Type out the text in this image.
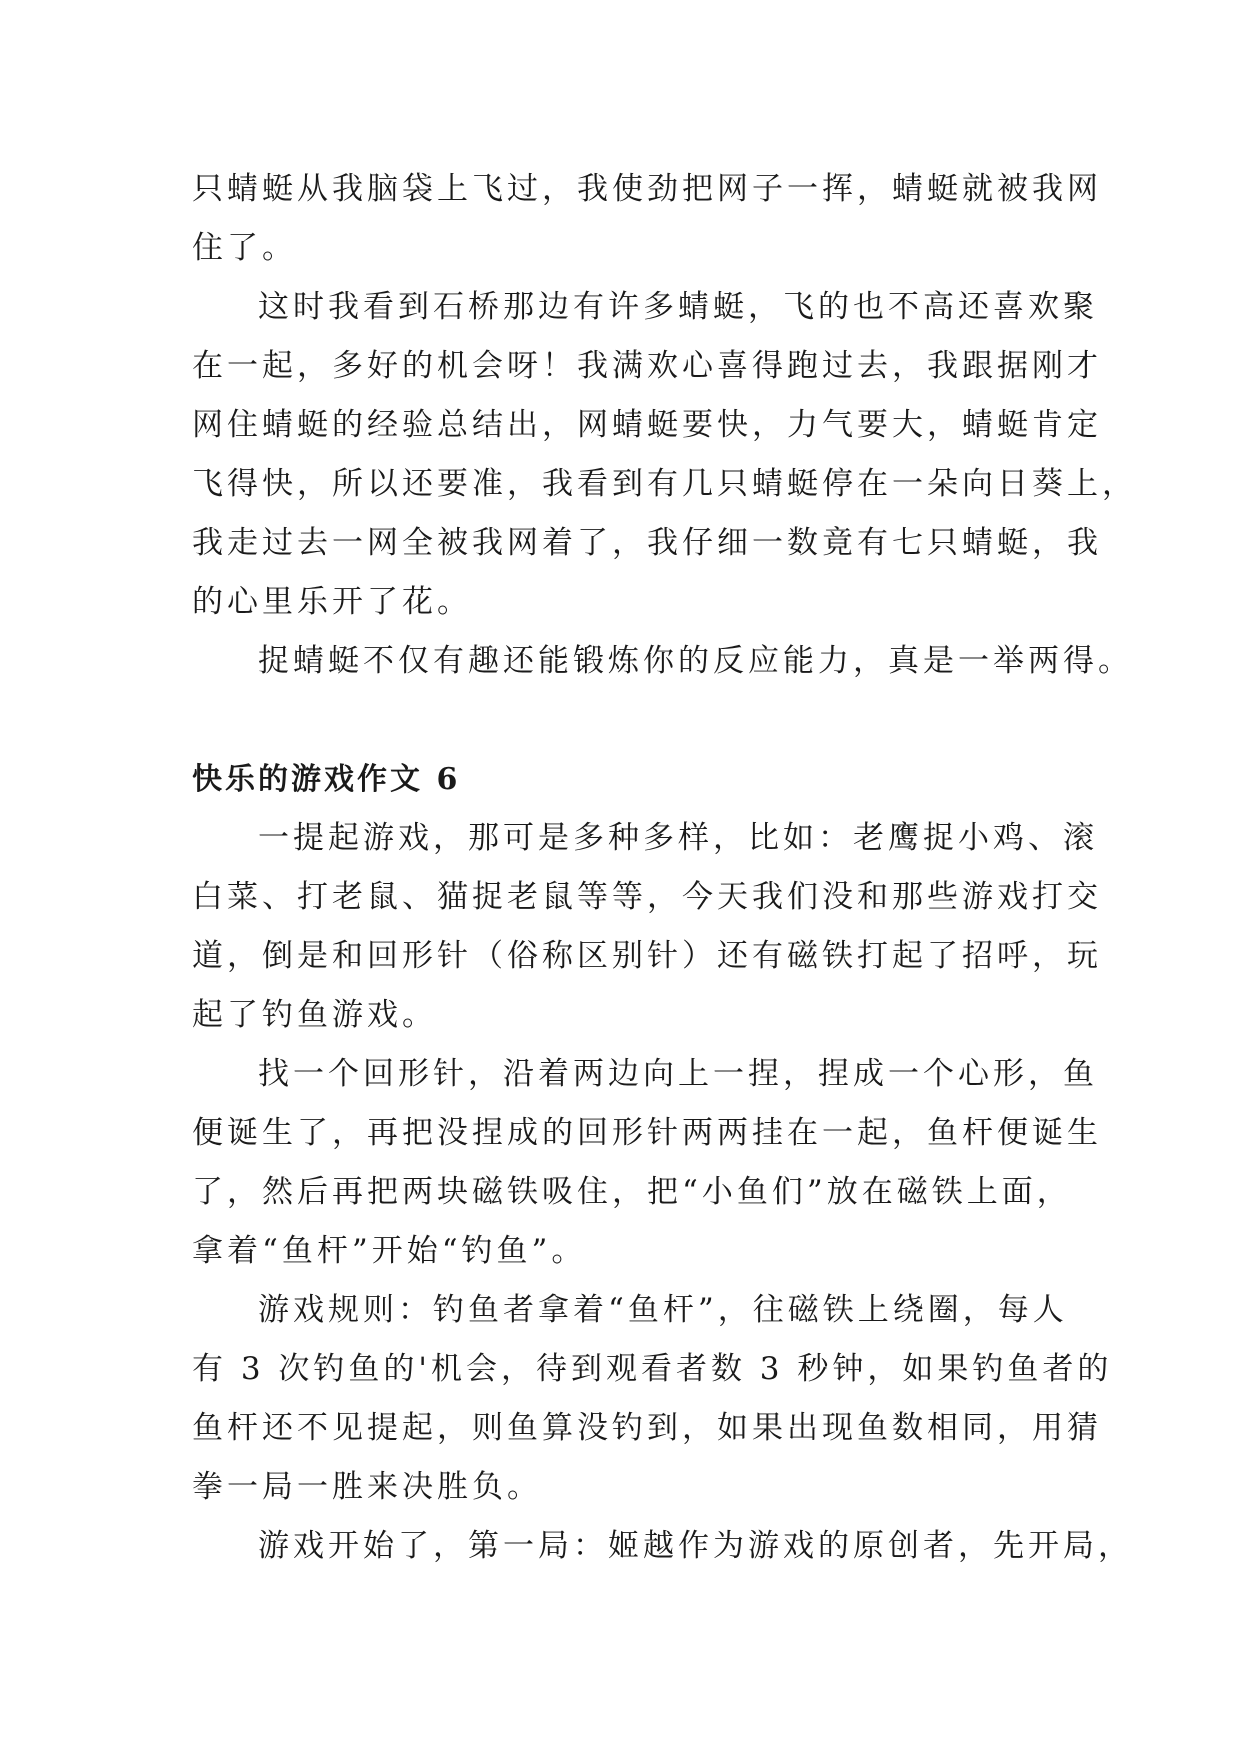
只蜻蜓从我脑袋上飞过，我使劲把网子一挥，蜻蜓就被我网
住了。

这时我看到石桥那边有许多蜻蜓，飞的也不高还喜欢聚
在一起，多好的机会呀！我满欢心喜得跑过去，我跟据刚才
网住蜻蜓的经验总结出，网蜻蜓要快，力气要大，蜻蜓肯定
飞得快，所以还要准，我看到有几只蜻蜓停在一朵向日葵上，
我走过去一网全被我网着了，我仔细一数竟有七只蜻蜓，我
的心里乐开了花。

捉蜻蜓不仅有趣还能锻炼你的反应能力，真是一举两得。

快乐的游戏作文 6

一提起游戏，那可是多种多样，比如：老鹰捉小鸡、滚
白菜、打老鼠、猫捉老鼠等等，今天我们没和那些游戏打交
道，倒是和回形针（俗称区别针）还有磁铁打起了招呼，玩
起了钓鱼游戏。

找一个回形针，沿着两边向上一捏，捏成一个心形，鱼
便诞生了，再把没捏成的回形针两两挂在一起，鱼杆便诞生
了，然后再把两块磁铁吸住，把“小鱼们”放在磁铁上面，
拿着“鱼杆”开始“钓鱼”。

游戏规则：钓鱼者拿着“鱼杆”，往磁铁上绕圈，每人
有 3 次钓鱼的'机会，待到观看者数 3 秒钟，如果钓鱼者的
鱼杆还不见提起，则鱼算没钓到，如果出现鱼数相同，用猜
拳一局一胜来决胜负。

游戏开始了，第一局：姬越作为游戏的原创者，先开局，
